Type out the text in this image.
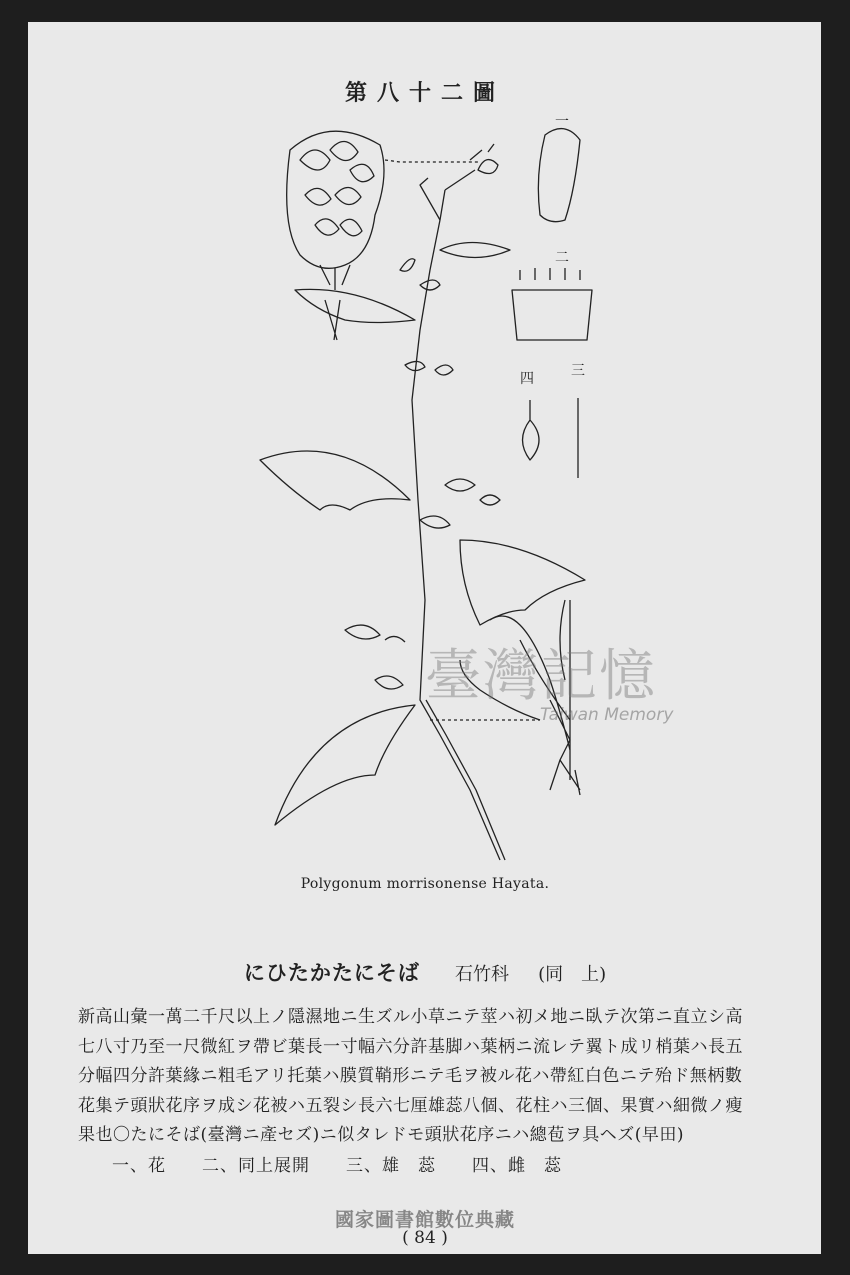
第八十二圖
一
二
三
四
臺灣記憶
Taiwan Memory
Polygonum morrisonense Hayata.
にひたかたにそば 石竹科 (同　上)

新高山彙一萬二千尺以上ノ隱濕地ニ生ズル小草ニテ莖ハ初メ地ニ臥テ次第ニ直立シ高

七八寸乃至一尺微紅ヲ帶ビ葉長一寸幅六分許基脚ハ葉柄ニ流レテ翼ト成リ梢葉ハ長五

分幅四分許葉緣ニ粗毛アリ托葉ハ膜質鞘形ニテ毛ヲ被ル花ハ帶紅白色ニテ殆ド無柄數

花集テ頭狀花序ヲ成シ花被ハ五裂シ長六七厘雄蕊八個、花柱ハ三個、果實ハ細微ノ瘦

果也〇たにそば(臺灣ニ產セズ)ニ似タレドモ頭狀花序ニハ總苞ヲ具ヘズ(早田)

一、花　　二、同上展開　　三、雄　蕊　　四、雌　蕊
國家圖書館數位典藏
( 84 )
